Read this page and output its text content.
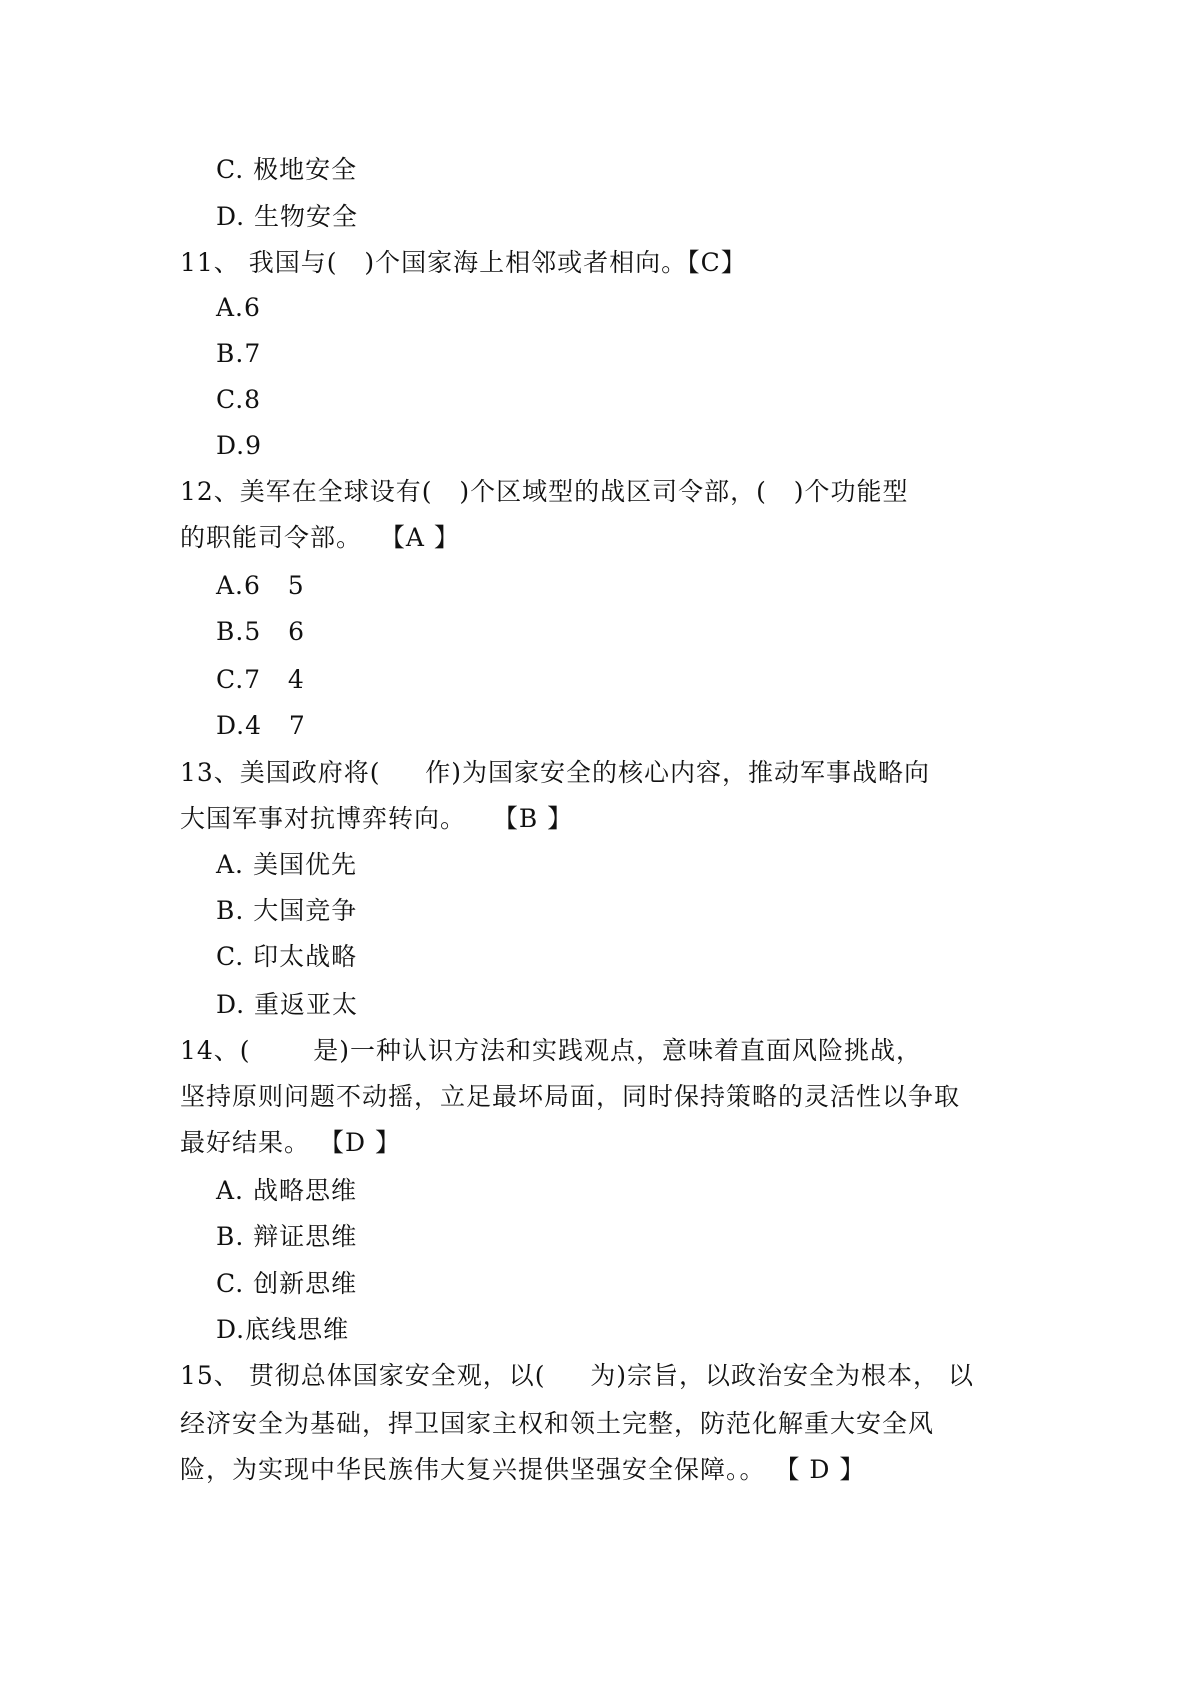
C. 极地安全
D. 生物安全
11、 我国与(   )个国家海上相邻或者相向。【C】
A.6
B.7
C.8
D.9
12、美军在全球设有(   )个区域型的战区司令部，(   )个功能型
的职能司令部。  【A 】
A.6   5
B.5   6
C.7   4
D.4   7
13、美国政府将(     作)为国家安全的核心内容，推动军事战略向
大国军事对抗博弈转向。   【B 】
A. 美国优先
B. 大国竞争
C. 印太战略
D. 重返亚太
14、(       是)一种认识方法和实践观点，意味着直面风险挑战，
坚持原则问题不动摇，立足最坏局面，同时保持策略的灵活性以争取
最好结果。 【D 】
A. 战略思维
B. 辩证思维
C. 创新思维
D.底线思维
15、 贯彻总体国家安全观，以(     为)宗旨，以政治安全为根本， 以
经济安全为基础，捍卫国家主权和领土完整，防范化解重大安全风
险，为实现中华民族伟大复兴提供坚强安全保障。。 【 D 】
